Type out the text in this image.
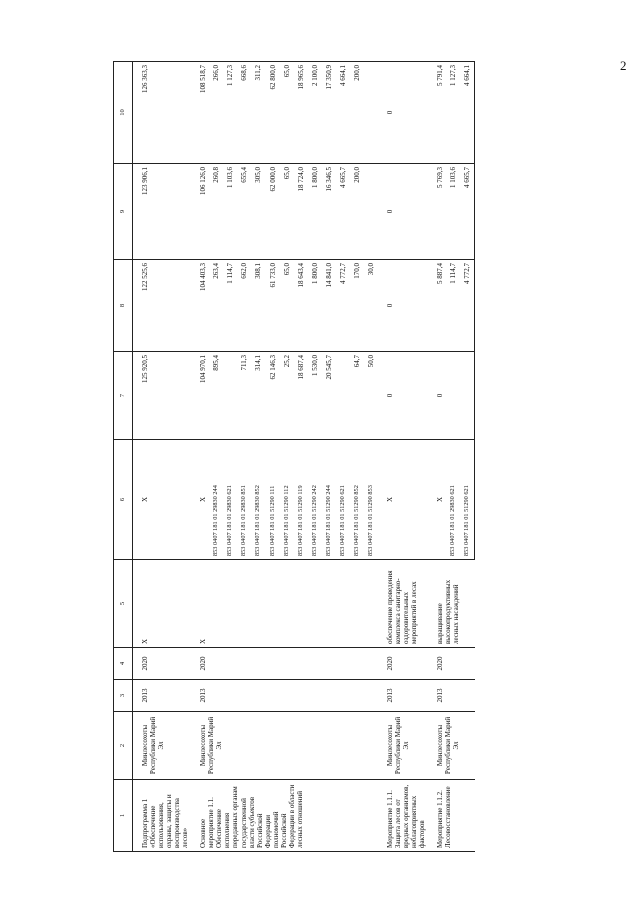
2
1	2	3	4	5	6	7	8	9	10
Подпрограмма 1 «Обеспечение использования, охраны, защиты и воспроизводства лесов»	Минлесохоты Республики Марий Эл	2013	2020	X	X	125 920,5	122 525,6	123 906,1	126 363,3
Основное мероприятие 1.1. Обеспечение исполнения переданных органам государственной власти субъектов Российской Федерации полномочий Российской Федерации в области лесных отношений	Минлесохоты Республики Марий Эл	2013	2020	X	X	104 970,1	104 403,3	106 126,0	108 518,7
					853 0407 181 01 29830 244	895,4	263,4	260,8	266,0
					853 0407 181 01 29830 621		1 114,7	1 103,6	1 127,3
					853 0407 181 01 29830 851	711,3	662,0	655,4	668,6
					853 0407 181 01 29830 852	314,1	308,1	305,0	311,2
					853 0407 181 01 51290 111	62 146,3	61 733,0	62 000,0	62 800,0
					853 0407 181 01 51290 112	25,2	65,0	65,0	65,0
					853 0407 181 01 51290 119	18 687,4	18 643,4	18 724,0	18 965,6
					853 0407 181 01 51290 242	1 530,0	1 800,0	1 800,0	2 100,0
					853 0407 181 01 51290 244	20 545,7	14 841,0	16 346,5	17 350,9
					853 0407 181 01 51290 621		4 772,7	4 665,7	4 664,1
					853 0407 181 01 51290 852	64,7	170,0	200,0	200,0
					853 0407 181 01 51290 853	50,0	30,0		
Мероприятие 1.1.1. Защита лесов от вредных организмов, неблагоприятных факторов	Минлесохоты Республики Марий Эл	2013	2020	обеспечение проведения комплекса санитарно-оздоровительных мероприятий в лесах	X	0	0	0	0
Мероприятие 1.1.2. Лесовосстановление	Минлесохоты Республики Марий Эл	2013	2020	выращивание высокопродуктивных лесных насаждений	X	0	5 887,4	5 769,3	5 791,4
					853 0407 181 01 29830 621		1 114,7	1 103,6	1 127,3
					853 0407 181 01 51290 621		4 772,7	4 665,7	4 664,1
